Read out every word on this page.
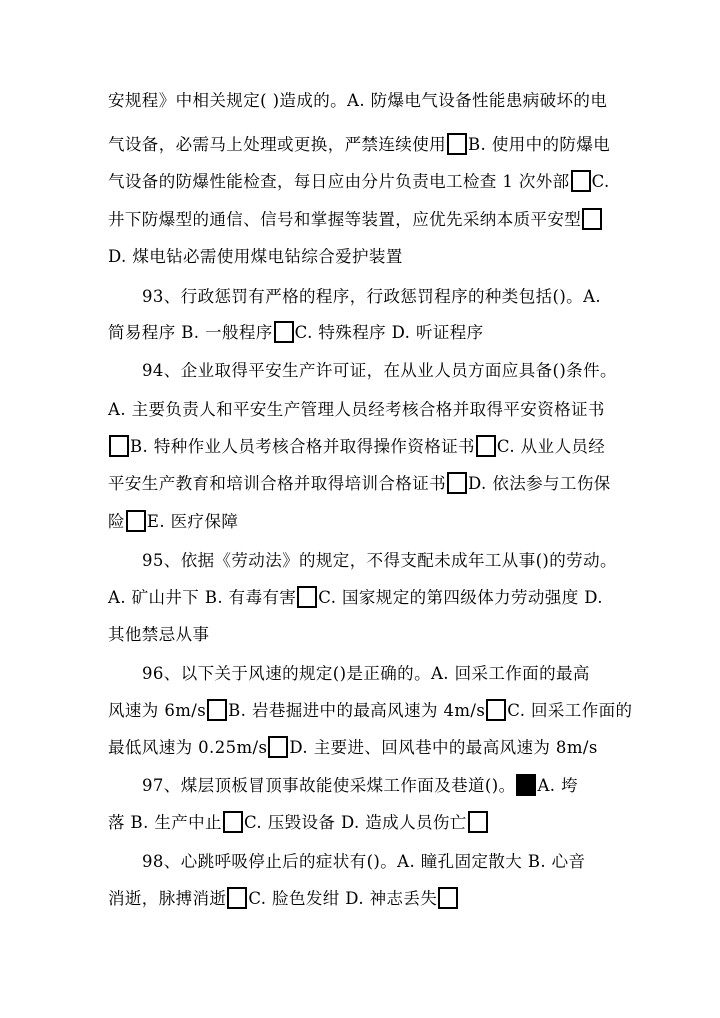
安规程》中相关规定( )造成的。A. 防爆电气设备性能患病破坏的电
气设备，必需马上处理或更换，严禁连续使用 B. 使用中的防爆电
气设备的防爆性能检查，每日应由分片负责电工检查 1 次外部 C.
井下防爆型的通信、信号和掌握等装置，应优先采纳本质平安型
D. 煤电钻必需使用煤电钻综合爱护装置
93、行政惩罚有严格的程序，行政惩罚程序的种类包括()。A.
简易程序 B. 一般程序 C. 特殊程序 D. 听证程序
94、企业取得平安生产许可证，在从业人员方面应具备()条件。
A. 主要负责人和平安生产管理人员经考核合格并取得平安资格证书
B. 特种作业人员考核合格并取得操作资格证书 C. 从业人员经
平安生产教育和培训合格并取得培训合格证书 D. 依法参与工伤保
险 E. 医疗保障
95、依据《劳动法》的规定，不得支配未成年工从事()的劳动。
A. 矿山井下 B. 有毒有害 C. 国家规定的第四级体力劳动强度 D.
其他禁忌从事
96、以下关于风速的规定()是正确的。A. 回采工作面的最高
风速为 6m/s B. 岩巷掘进中的最高风速为 4m/s C. 回采工作面的
最低风速为 0.25m/s D. 主要进、回风巷中的最高风速为 8m/s
97、煤层顶板冒顶事故能使采煤工作面及巷道()。 A. 垮
落 B. 生产中止 C. 压毁设备 D. 造成人员伤亡
98、心跳呼吸停止后的症状有()。A. 瞳孔固定散大 B. 心音
消逝，脉搏消逝 C. 脸色发绀 D. 神志丢失
